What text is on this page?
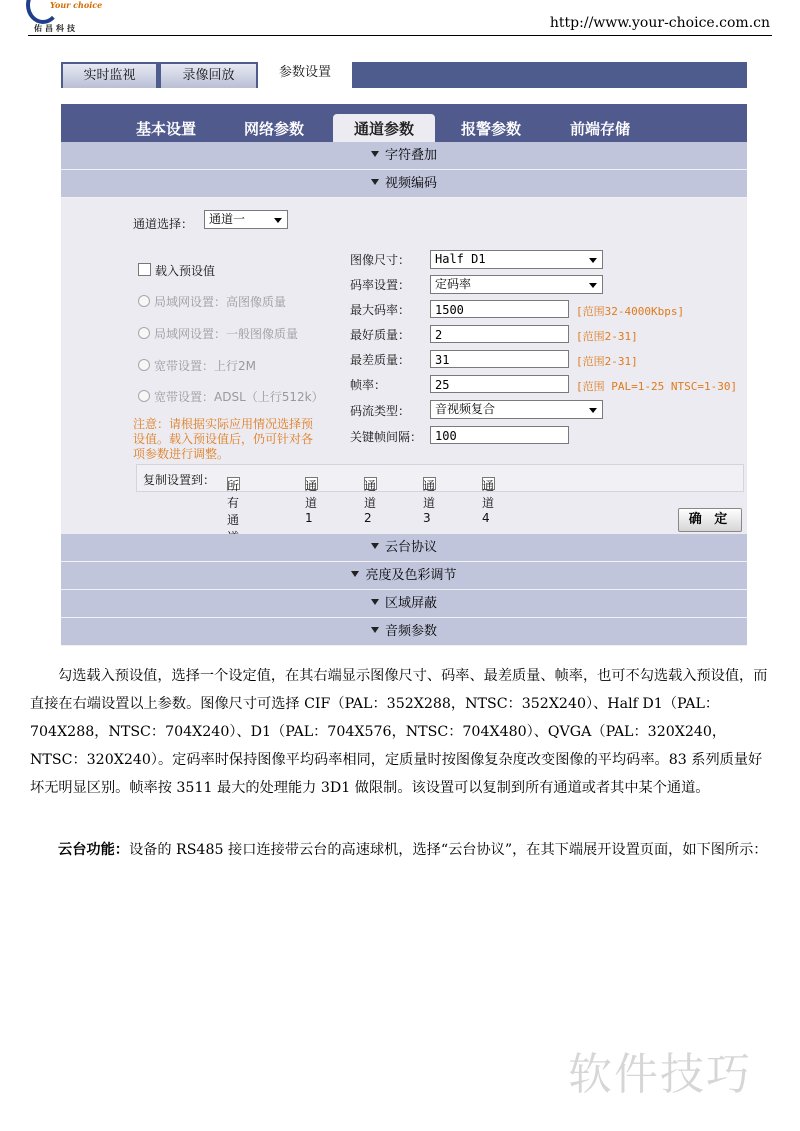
Your choice
佑昌科技	http://www.your-choice.com.cn
实时监视	录像回放	参数设置
基本设置	网络参数	通道参数	报警参数	前端存储
字符叠加
视频编码
通道选择：	通道一
载入预设值
局域网设置：高图像质量
局域网设置：一般图像质量
宽带设置：上行2M
宽带设置：ADSL（上行512k）
注意：请根据实际应用情况选择预
设值。载入预设值后，仍可针对各
项参数进行调整。
图像尺寸：	Half D1
码率设置：	定码率
最大码率：	1500	[范围32-4000Kbps]
最好质量：	2	[范围2-31]
最差质量：	31	[范围2-31]
帧率：	25	[范围 PAL=1-25 NTSC=1-30]
码流类型：	音视频复合
关键帧间隔：	100
复制设置到： 所有通
通道1
通道2
通道3
通道4	确 定
云台协议
亮度及色彩调节
区域屏蔽
音频参数
勾选载入预设值，选择一个设定值，在其右端显示图像尺寸、码率、最差质量、帧率，也可不勾选载入预设值，而直接在右端设置以上参数。图像尺寸可选择 CIF（PAL：352X288，NTSC：352X240）、Half D1（PAL：704X288，NTSC：704X240）、D1（PAL：704X576，NTSC：704X480）、QVGA（PAL：320X240，NTSC：320X240）。定码率时保持图像平均码率相同，定质量时按图像复杂度改变图像的平均码率。83 系列质量好坏无明显区别。帧率按 3511 最大的处理能力 3D1 做限制。该设置可以复制到所有通道或者其中某个通道。
云台功能：设备的 RS485 接口连接带云台的高速球机，选择“云台协议”，在其下端展开设置页面，如下图所示：
软件技巧
